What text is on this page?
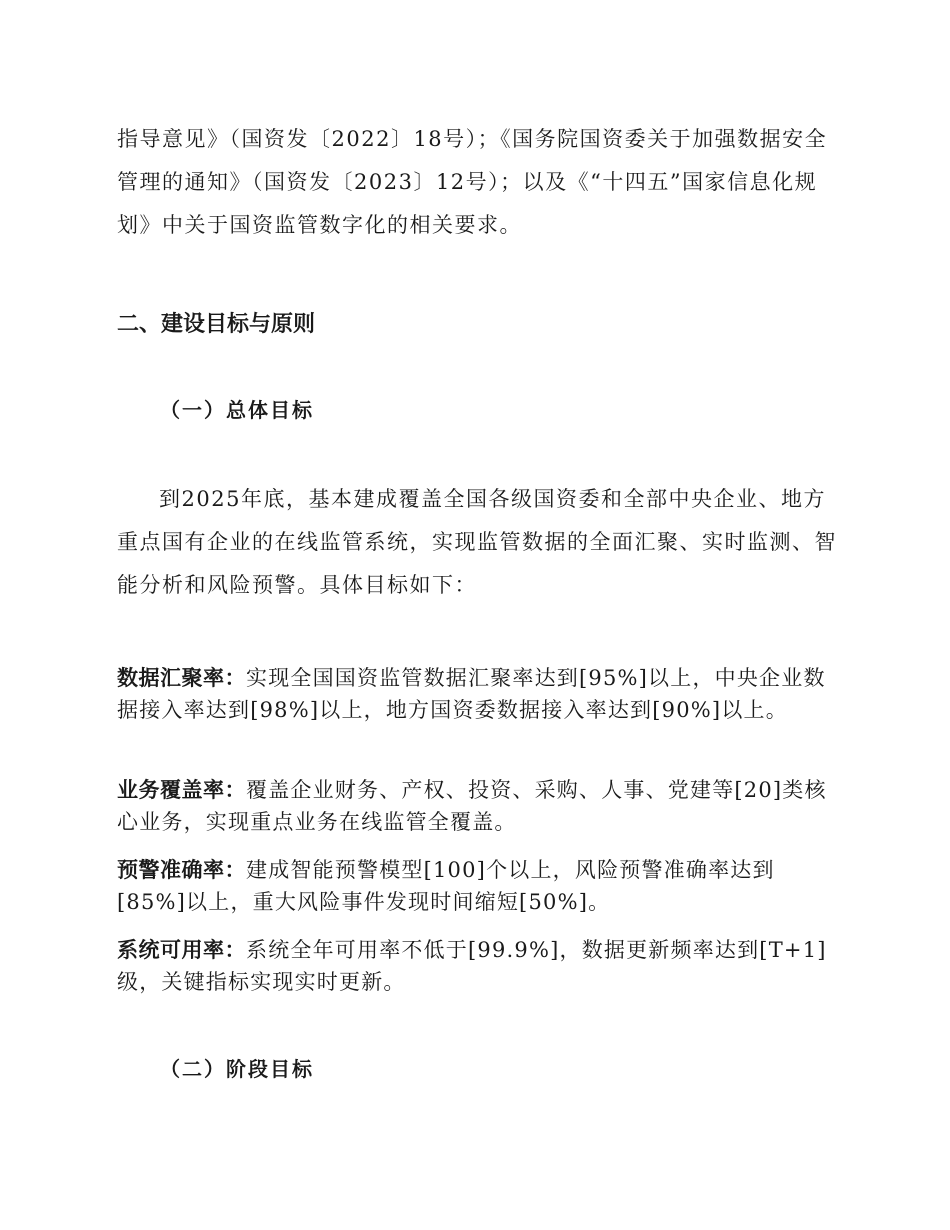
指导意见》（国资发〔2022〕18号）；《国务院国资委关于加强数据安全管理的通知》（国资发〔2023〕12号）；以及《“十四五”国家信息化规划》中关于国资监管数字化的相关要求。

二、建设目标与原则
（一）总体目标

到2025年底，基本建成覆盖全国各级国资委和全部中央企业、地方重点国有企业的在线监管系统，实现监管数据的全面汇聚、实时监测、智能分析和风险预警。具体目标如下：

数据汇聚率：实现全国国资监管数据汇聚率达到[95%]以上，中央企业数据接入率达到[98%]以上，地方国资委数据接入率达到[90%]以上。

业务覆盖率：覆盖企业财务、产权、投资、采购、人事、党建等[20]类核心业务，实现重点业务在线监管全覆盖。

预警准确率：建成智能预警模型[100]个以上，风险预警准确率达到[85%]以上，重大风险事件发现时间缩短[50%]。

系统可用率：系统全年可用率不低于[99.9%]，数据更新频率达到[T+1]级，关键指标实现实时更新。

（二）阶段目标
